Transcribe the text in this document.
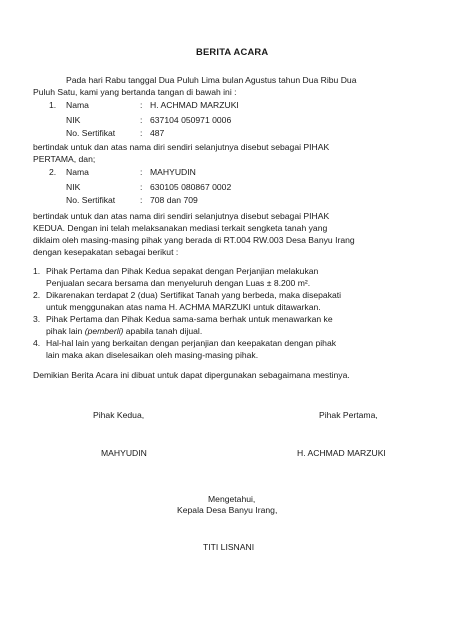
BERITA ACARA
Pada hari Rabu tanggal Dua Puluh Lima bulan Agustus tahun Dua Ribu Dua
Puluh Satu, kami yang bertanda tangan di bawah ini :
1. Nama	: H. ACHMAD MARZUKI
NIK	: 637104 050971 0006
No. Sertifikat	: 487
bertindak untuk dan atas nama diri sendiri selanjutnya disebut sebagai PIHAK
PERTAMA, dan;
2. Nama	: MAHYUDIN
NIK	: 630105 080867 0002
No. Sertifikat	: 708 dan 709
bertindak untuk dan atas nama diri sendiri selanjutnya disebut sebagai PIHAK
KEDUA. Dengan ini telah melaksanakan mediasi terkait sengketa tanah yang
diklaim oleh masing-masing pihak yang berada di RT.004 RW.003 Desa Banyu Irang
dengan kesepakatan sebagai berikut :
1. Pihak Pertama dan Pihak Kedua sepakat dengan Perjanjian melakukan
Penjualan secara bersama dan menyeluruh dengan Luas ± 8.200 m².
2. Dikarenakan terdapat 2 (dua) Sertifikat Tanah yang berbeda, maka disepakati
untuk menggunakan atas nama H. ACHMA MARZUKI untuk ditawarkan.
3. Pihak Pertama dan Pihak Kedua sama-sama berhak untuk menawarkan ke
pihak lain (pemberli) apabila tanah dijual.
4. Hal-hal lain yang berkaitan dengan perjanjian dan keepakatan dengan pihak
lain maka akan diselesaikan oleh masing-masing pihak.
Demikian Berita Acara ini dibuat untuk dapat dipergunakan sebagaimana mestinya.
Pihak Kedua,	Pihak Pertama,
MAHYUDIN	H. ACHMAD MARZUKI
Mengetahui,
Kepala Desa Banyu Irang,
TITI LISNANI
